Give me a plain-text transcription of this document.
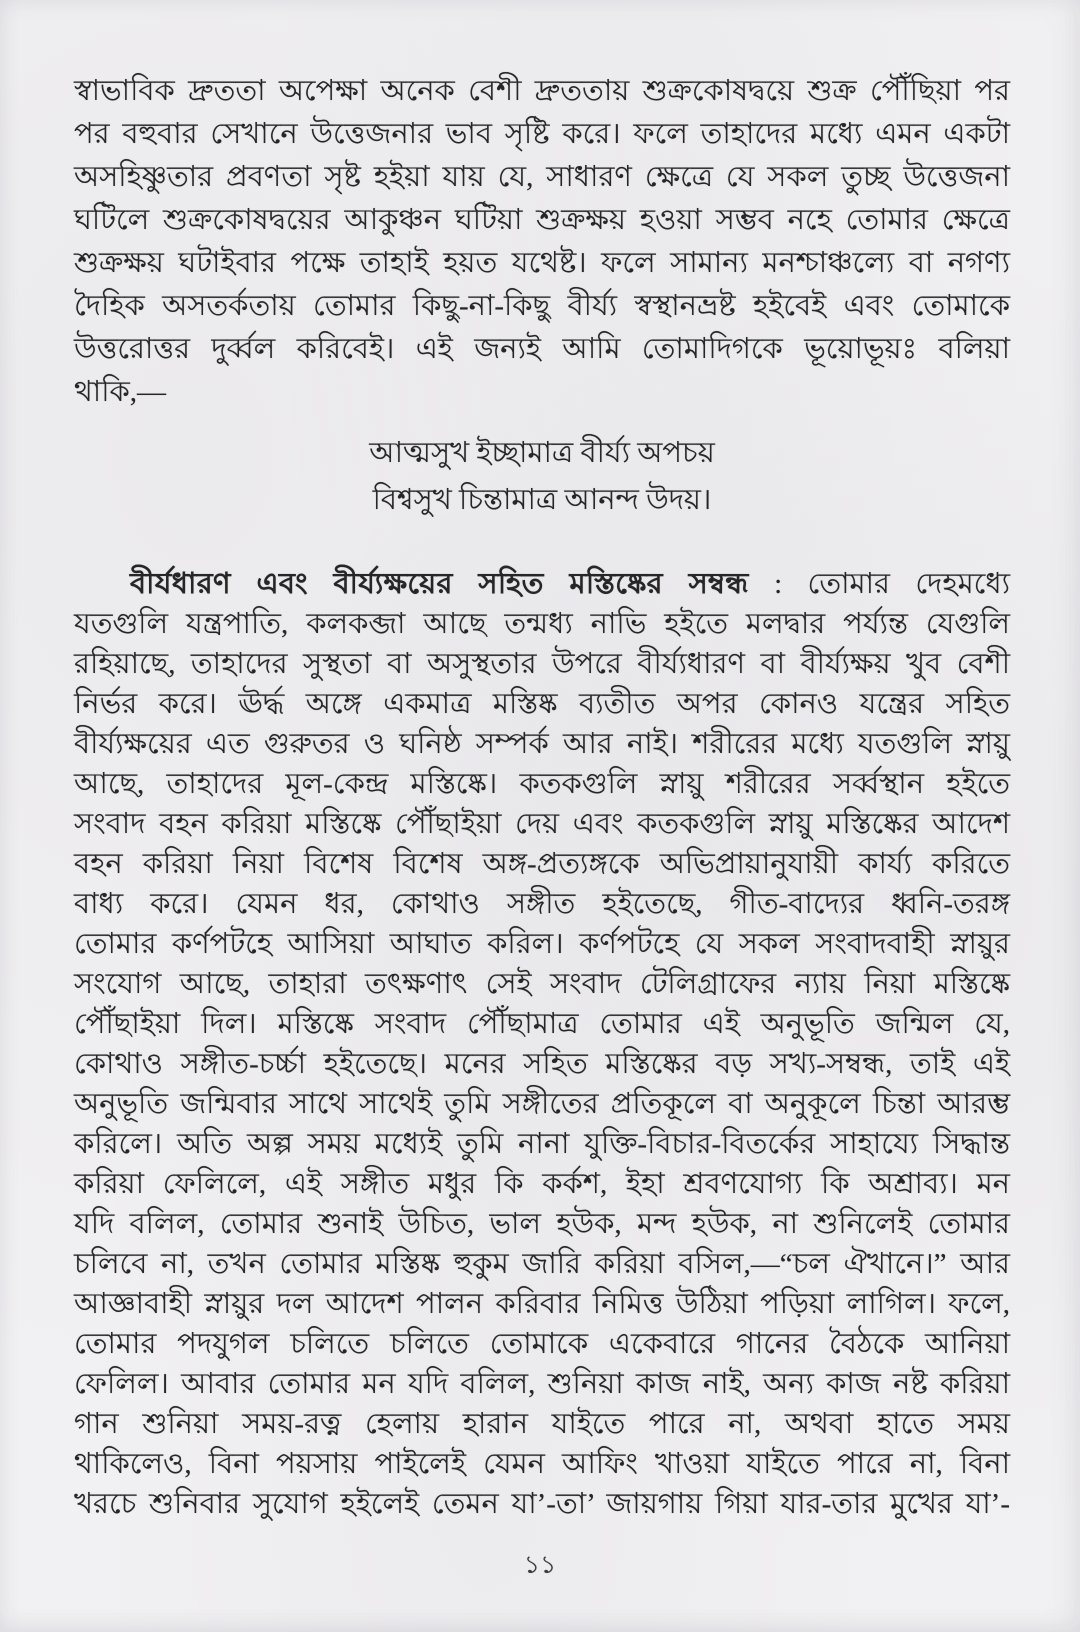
স্বাভাবিক দ্রুততা অপেক্ষা অনেক বেশী দ্রুততায় শুক্রকোষদ্বয়ে শুক্র পৌঁছিয়া পর
পর বহুবার সেখানে উত্তেজনার ভাব সৃষ্টি করে। ফলে তাহাদের মধ্যে এমন একটা
অসহিষ্ণুতার প্রবণতা সৃষ্ট হইয়া যায় যে, সাধারণ ক্ষেত্রে যে সকল তুচ্ছ উত্তেজনা
ঘটিলে শুক্রকোষদ্বয়ের আকুঞ্চন ঘটিয়া শুক্রক্ষয় হওয়া সম্ভব নহে তোমার ক্ষেত্রে
শুক্রক্ষয় ঘটাইবার পক্ষে তাহাই হয়ত যথেষ্ট। ফলে সামান্য মনশ্চাঞ্চল্যে বা নগণ্য
দৈহিক অসতর্কতায় তোমার কিছু-না-কিছু বীর্য্য স্বস্থানভ্রষ্ট হইবেই এবং তোমাকে
উত্তরোত্তর দুর্ব্বল করিবেই। এই জন্যই আমি তোমাদিগকে ভূয়োভূয়ঃ বলিয়া
থাকি,—
আত্মসুখ ইচ্ছামাত্র বীর্য্য অপচয়
বিশ্বসুখ চিন্তামাত্র আনন্দ উদয়।
বীর্যধারণ এবং বীর্য্যক্ষয়ের সহিত মস্তিষ্কের সম্বন্ধ : তোমার দেহমধ্যে
যতগুলি যন্ত্রপাতি, কলকব্জা আছে তন্মধ্য নাভি হইতে মলদ্বার পর্য্যন্ত যেগুলি
রহিয়াছে, তাহাদের সুস্থতা বা অসুস্থতার উপরে বীর্য্যধারণ বা বীর্য্যক্ষয় খুব বেশী
নির্ভর করে। ঊর্দ্ধ অঙ্গে একমাত্র মস্তিষ্ক ব্যতীত অপর কোনও যন্ত্রের সহিত
বীর্য্যক্ষয়ের এত গুরুতর ও ঘনিষ্ঠ সম্পর্ক আর নাই। শরীরের মধ্যে যতগুলি স্নায়ু
আছে, তাহাদের মূল-কেন্দ্র মস্তিষ্কে। কতকগুলি স্নায়ু শরীরের সর্ব্বস্থান হইতে
সংবাদ বহন করিয়া মস্তিষ্কে পৌঁছাইয়া দেয় এবং কতকগুলি স্নায়ু মস্তিষ্কের আদেশ
বহন করিয়া নিয়া বিশেষ বিশেষ অঙ্গ-প্রত্যঙ্গকে অভিপ্রায়ানুযায়ী কার্য্য করিতে
বাধ্য করে। যেমন ধর, কোথাও সঙ্গীত হইতেছে, গীত-বাদ্যের ধ্বনি-তরঙ্গ
তোমার কর্ণপটহে আসিয়া আঘাত করিল। কর্ণপটহে যে সকল সংবাদবাহী স্নায়ুর
সংযোগ আছে, তাহারা তৎক্ষণাৎ সেই সংবাদ টেলিগ্রাফের ন্যায় নিয়া মস্তিষ্কে
পৌঁছাইয়া দিল। মস্তিষ্কে সংবাদ পৌঁছামাত্র তোমার এই অনুভূতি জন্মিল যে,
কোথাও সঙ্গীত-চর্চ্চা হইতেছে। মনের সহিত মস্তিষ্কের বড় সখ্য-সম্বন্ধ, তাই এই
অনুভূতি জন্মিবার সাথে সাথেই তুমি সঙ্গীতের প্রতিকূলে বা অনুকূলে চিন্তা আরম্ভ
করিলে। অতি অল্প সময় মধ্যেই তুমি নানা যুক্তি-বিচার-বিতর্কের সাহায্যে সিদ্ধান্ত
করিয়া ফেলিলে, এই সঙ্গীত মধুর কি কর্কশ, ইহা শ্রবণযোগ্য কি অশ্রাব্য। মন
যদি বলিল, তোমার শুনাই উচিত, ভাল হউক, মন্দ হউক, না শুনিলেই তোমার
চলিবে না, তখন তোমার মস্তিষ্ক হুকুম জারি করিয়া বসিল,—“চল ঐখানে।” আর
আজ্ঞাবাহী স্নায়ুর দল আদেশ পালন করিবার নিমিত্ত উঠিয়া পড়িয়া লাগিল। ফলে,
তোমার পদযুগল চলিতে চলিতে তোমাকে একেবারে গানের বৈঠকে আনিয়া
ফেলিল। আবার তোমার মন যদি বলিল, শুনিয়া কাজ নাই, অন্য কাজ নষ্ট করিয়া
গান শুনিয়া সময়-রত্ন হেলায় হারান যাইতে পারে না, অথবা হাতে সময়
থাকিলেও, বিনা পয়সায় পাইলেই যেমন আফিং খাওয়া যাইতে পারে না, বিনা
খরচে শুনিবার সুযোগ হইলেই তেমন যা’-তা’ জায়গায় গিয়া যার-তার মুখের যা’-
১১
